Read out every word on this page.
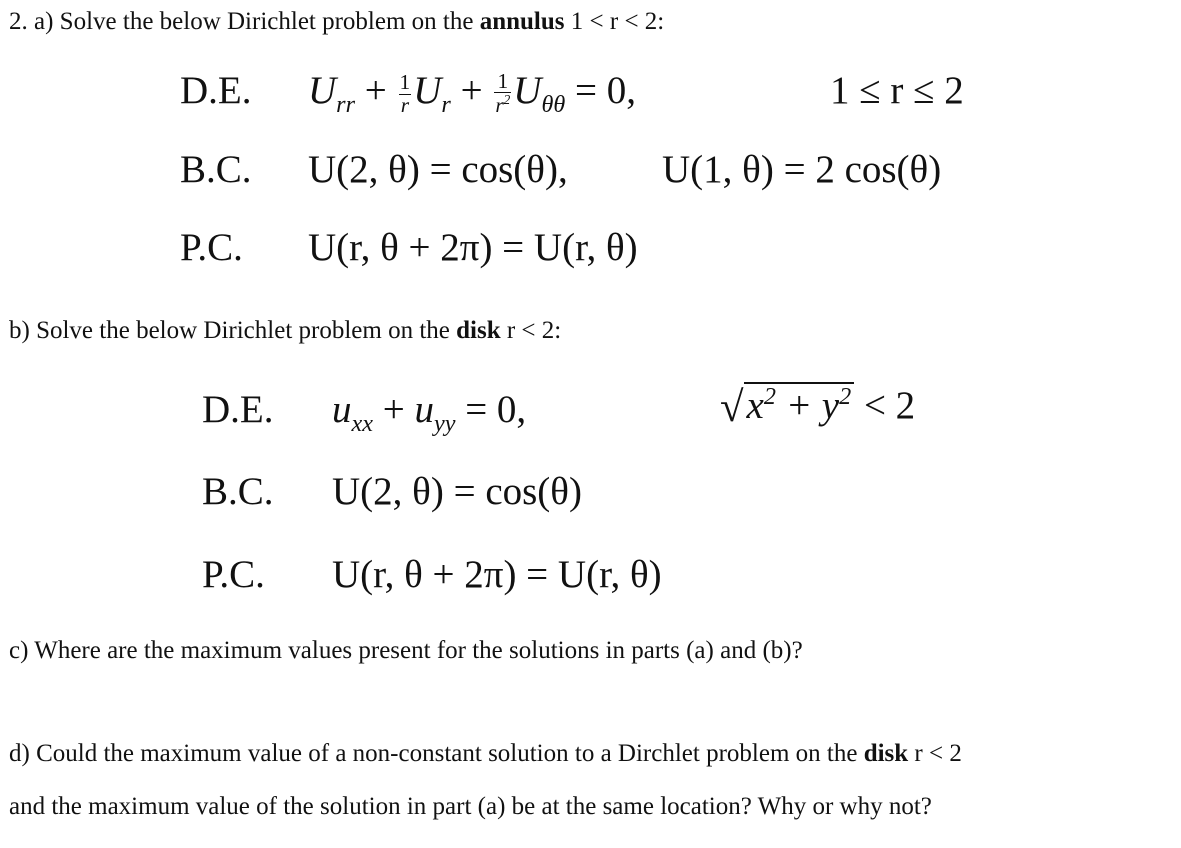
2. a) Solve the below Dirichlet problem on the annulus 1 < r < 2:
D.E. $U_{rr} + \frac{1}{r} U_r + \frac{1}{r^2} U_{\theta\theta} = 0$,	1 ≤ r ≤ 2
B.C. U(2, θ) = cos(θ), U(1, θ) = 2 cos(θ)
P.C. U(r, θ + 2π) = U(r, θ)
b) Solve the below Dirichlet problem on the disk r < 2:
D.E. $u_{xx} + u_{yy} = 0$,	$√x^2 + y^2 < 2$
B.C. U(2, θ) = cos(θ)
P.C. U(r, θ + 2π) = U(r, θ)
c) Where are the maximum values present for the solutions in parts (a) and (b)?
d) Could the maximum value of a non-constant solution to a Dirchlet problem on the disk r < 2
and the maximum value of the solution in part (a) be at the same location? Why or why not?
